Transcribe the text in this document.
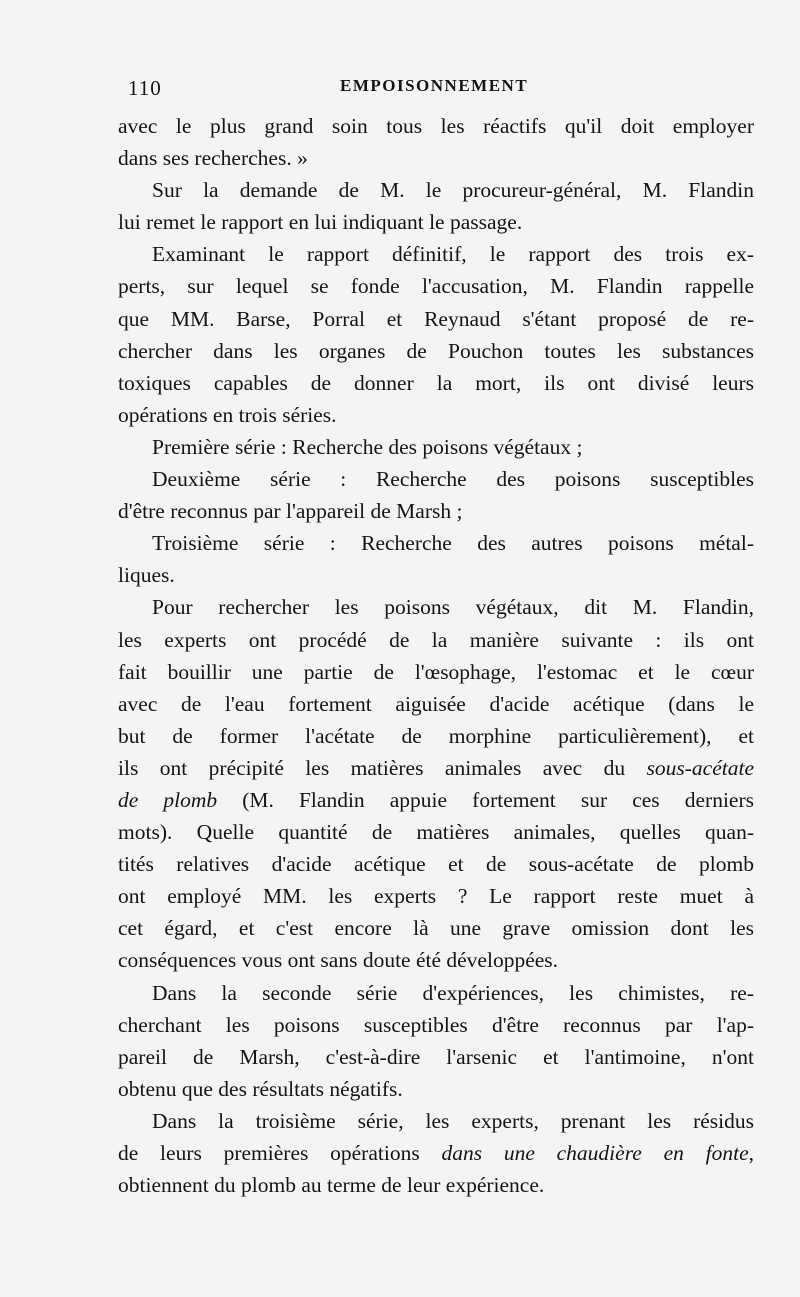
110	EMPOISONNEMENT
avec le plus grand soin tous les réactifs qu'il doit employer
dans ses recherches. »
Sur la demande de M. le procureur-général, M. Flandin
lui remet le rapport en lui indiquant le passage.
Examinant le rapport définitif, le rapport des trois ex-
perts, sur lequel se fonde l'accusation, M. Flandin rappelle
que MM. Barse, Porral et Reynaud s'étant proposé de re-
chercher dans les organes de Pouchon toutes les substances
toxiques capables de donner la mort, ils ont divisé leurs
opérations en trois séries.
Première série : Recherche des poisons végétaux ;
Deuxième série : Recherche des poisons susceptibles
d'être reconnus par l'appareil de Marsh ;
Troisième série : Recherche des autres poisons métal-
liques.
Pour rechercher les poisons végétaux, dit M. Flandin,
les experts ont procédé de la manière suivante : ils ont
fait bouillir une partie de l'œsophage, l'estomac et le cœur
avec de l'eau fortement aiguisée d'acide acétique (dans le
but de former l'acétate de morphine particulièrement), et
ils ont précipité les matières animales avec du sous-acétate
de plomb (M. Flandin appuie fortement sur ces derniers
mots). Quelle quantité de matières animales, quelles quan-
tités relatives d'acide acétique et de sous-acétate de plomb
ont employé MM. les experts ? Le rapport reste muet à
cet égard, et c'est encore là une grave omission dont les
conséquences vous ont sans doute été développées.
Dans la seconde série d'expériences, les chimistes, re-
cherchant les poisons susceptibles d'être reconnus par l'ap-
pareil de Marsh, c'est-à-dire l'arsenic et l'antimoine, n'ont
obtenu que des résultats négatifs.
Dans la troisième série, les experts, prenant les résidus
de leurs premières opérations dans une chaudière en fonte,
obtiennent du plomb au terme de leur expérience.
